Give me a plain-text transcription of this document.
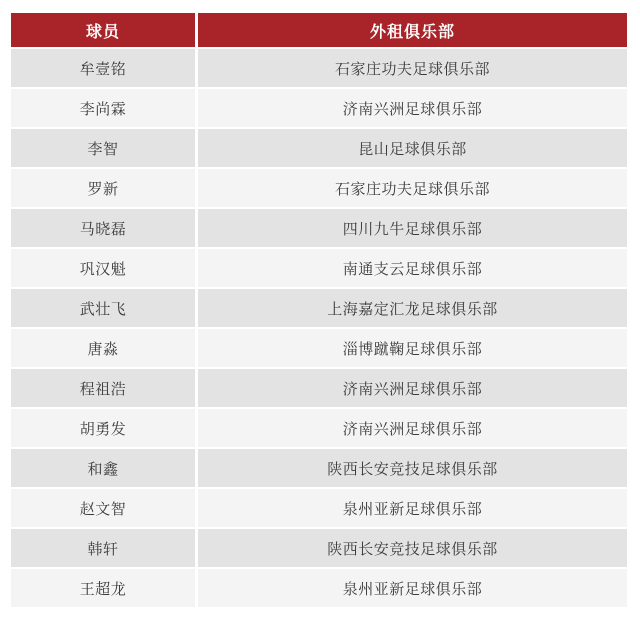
球员	外租俱乐部
牟壹铭	石家庄功夫足球俱乐部
李尚霖	济南兴洲足球俱乐部
李智	昆山足球俱乐部
罗新	石家庄功夫足球俱乐部
马晓磊	四川九牛足球俱乐部
巩汉魁	南通支云足球俱乐部
武壮飞	上海嘉定汇龙足球俱乐部
唐淼	淄博蹴鞠足球俱乐部
程祖浩	济南兴洲足球俱乐部
胡勇发	济南兴洲足球俱乐部
和鑫	陕西长安竞技足球俱乐部
赵文智	泉州亚新足球俱乐部
韩轩	陕西长安竞技足球俱乐部
王超龙	泉州亚新足球俱乐部
